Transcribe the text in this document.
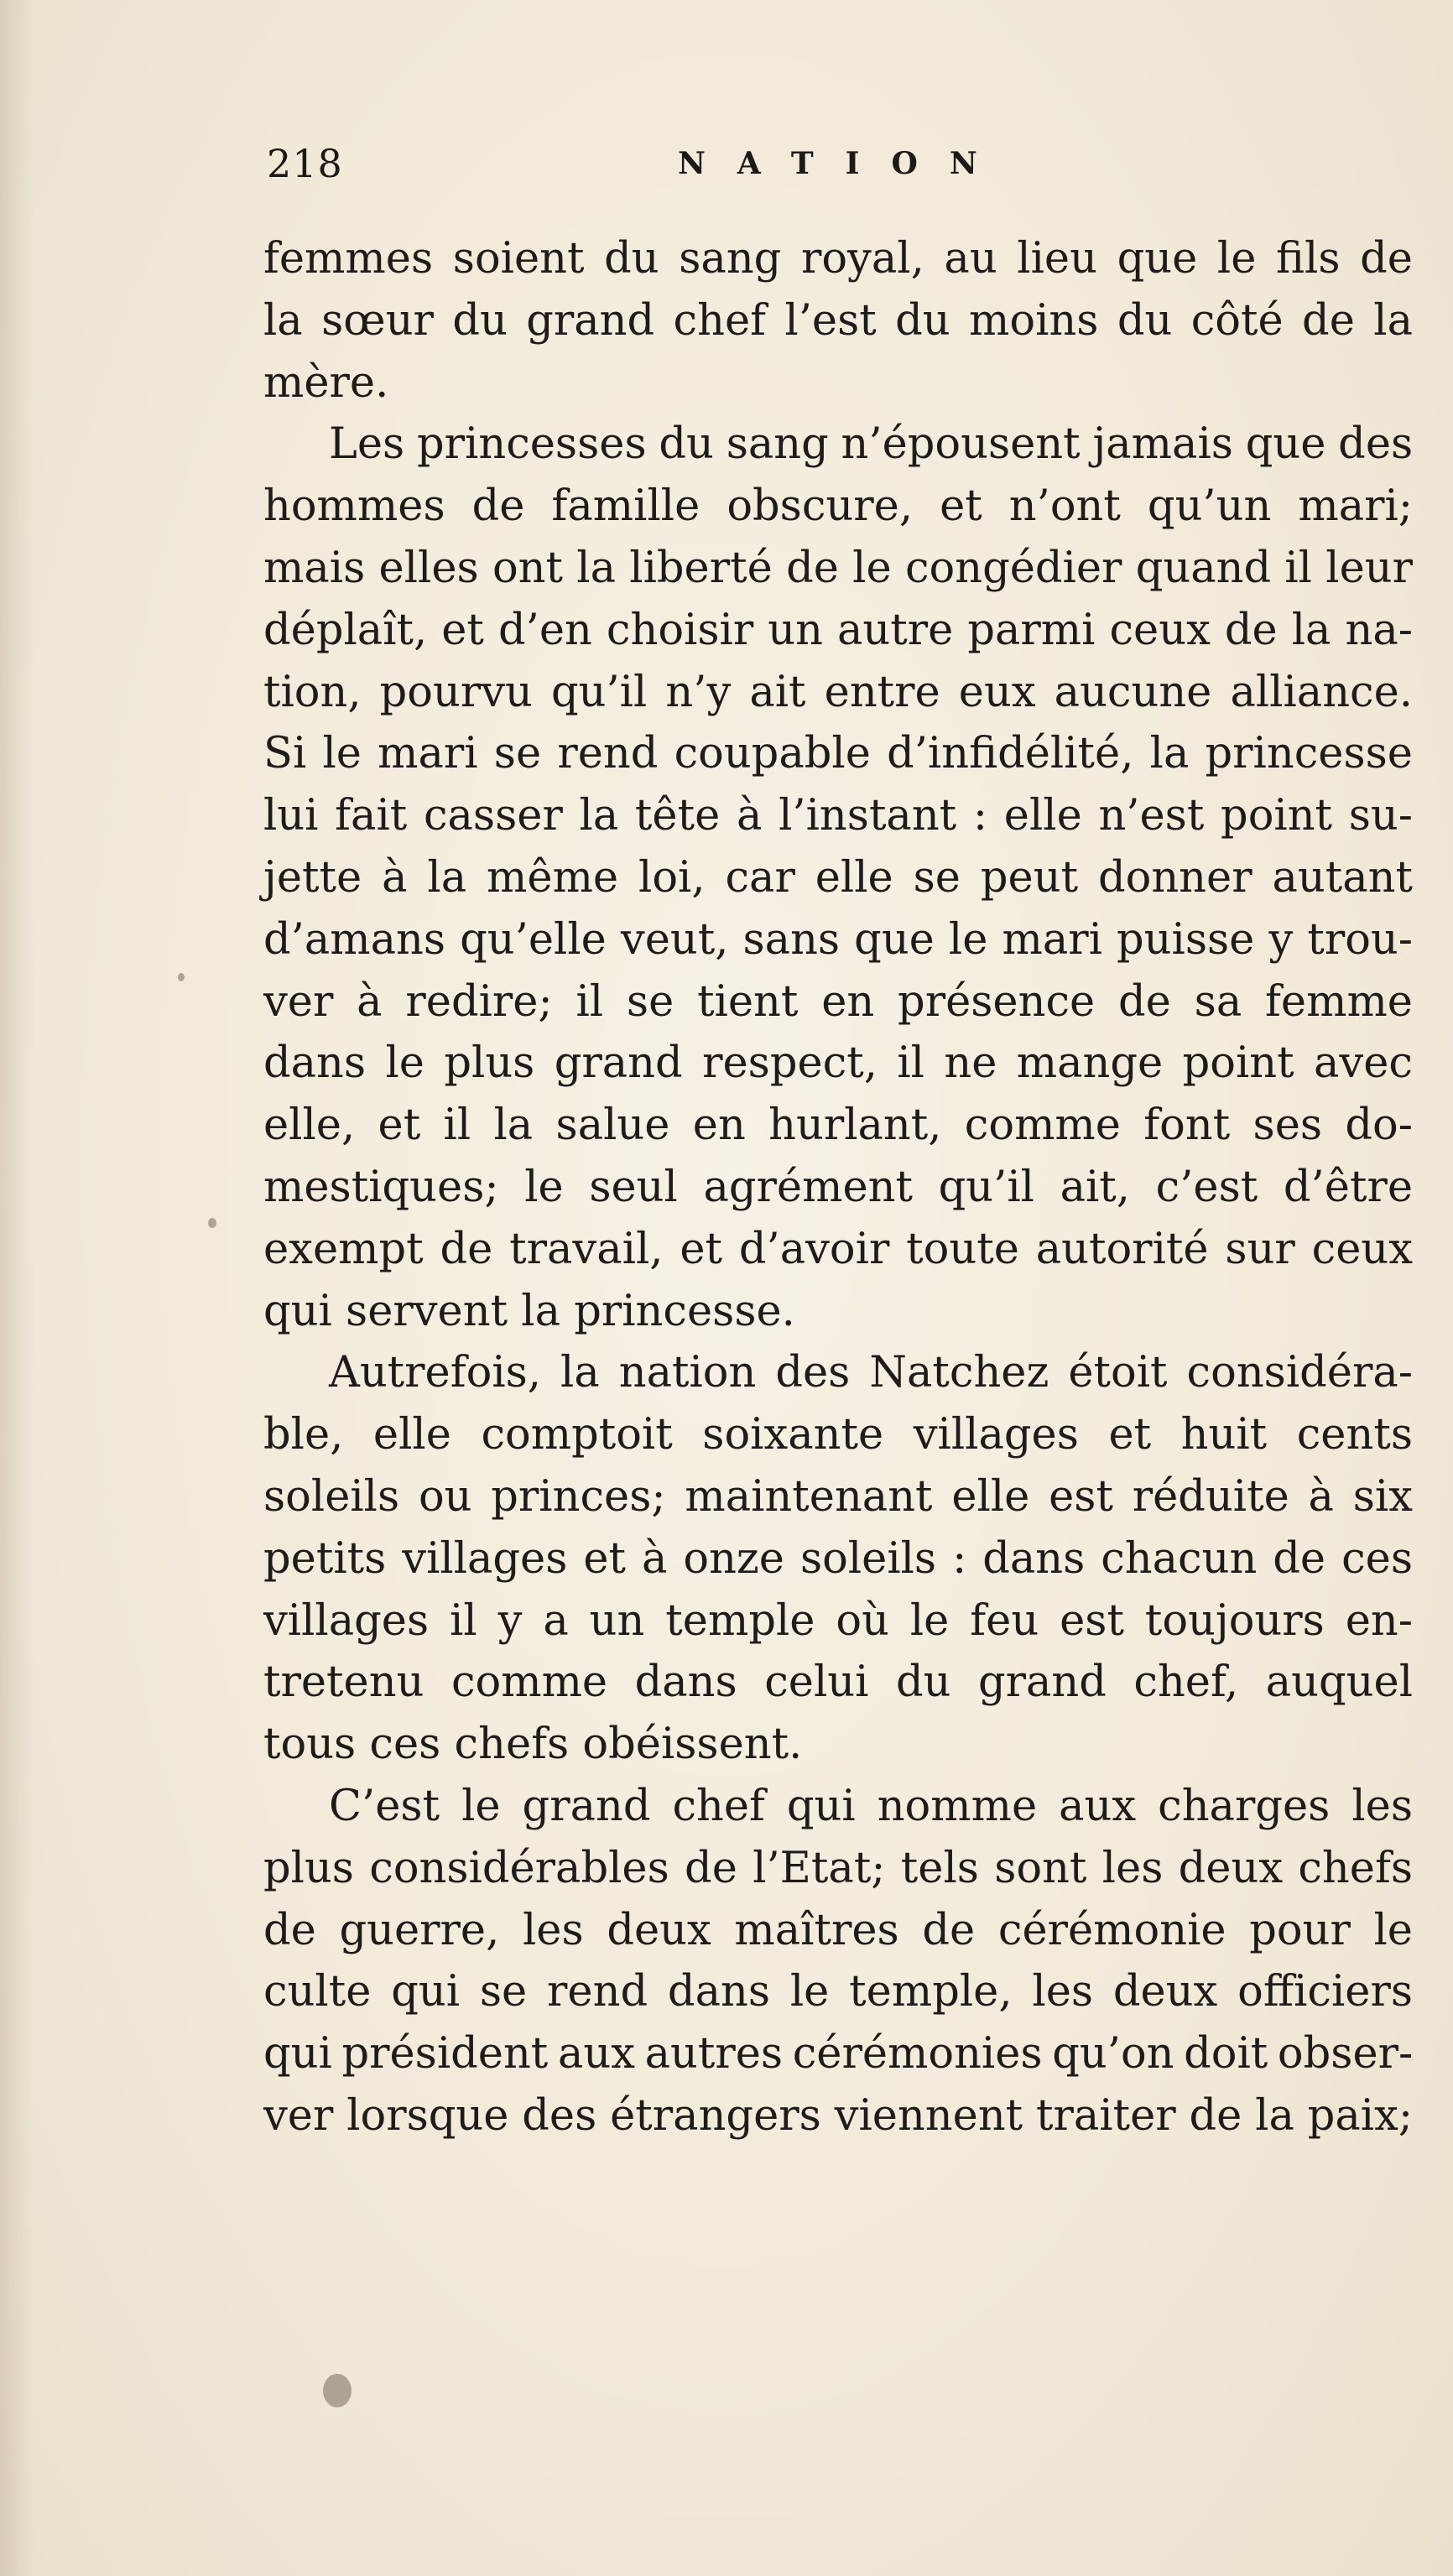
218	NATION
femmes soient du sang royal, au lieu que le fils de
la sœur du grand chef l’est du moins du côté de la
mère.
Les princesses du sang n’épousent jamais que des
hommes de famille obscure, et n’ont qu’un mari;
mais elles ont la liberté de le congédier quand il leur
déplaît, et d’en choisir un autre parmi ceux de la na-
tion, pourvu qu’il n’y ait entre eux aucune alliance.
Si le mari se rend coupable d’infidélité, la princesse
lui fait casser la tête à l’instant : elle n’est point su-
jette à la même loi, car elle se peut donner autant
d’amans qu’elle veut, sans que le mari puisse y trou-
ver à redire; il se tient en présence de sa femme
dans le plus grand respect, il ne mange point avec
elle, et il la salue en hurlant, comme font ses do-
mestiques; le seul agrément qu’il ait, c’est d’être
exempt de travail, et d’avoir toute autorité sur ceux
qui servent la princesse.
Autrefois, la nation des Natchez étoit considéra-
ble, elle comptoit soixante villages et huit cents
soleils ou princes; maintenant elle est réduite à six
petits villages et à onze soleils : dans chacun de ces
villages il y a un temple où le feu est toujours en-
tretenu comme dans celui du grand chef, auquel
tous ces chefs obéissent.
C’est le grand chef qui nomme aux charges les
plus considérables de l’Etat; tels sont les deux chefs
de guerre, les deux maîtres de cérémonie pour le
culte qui se rend dans le temple, les deux officiers
qui président aux autres cérémonies qu’on doit obser-
ver lorsque des étrangers viennent traiter de la paix;
